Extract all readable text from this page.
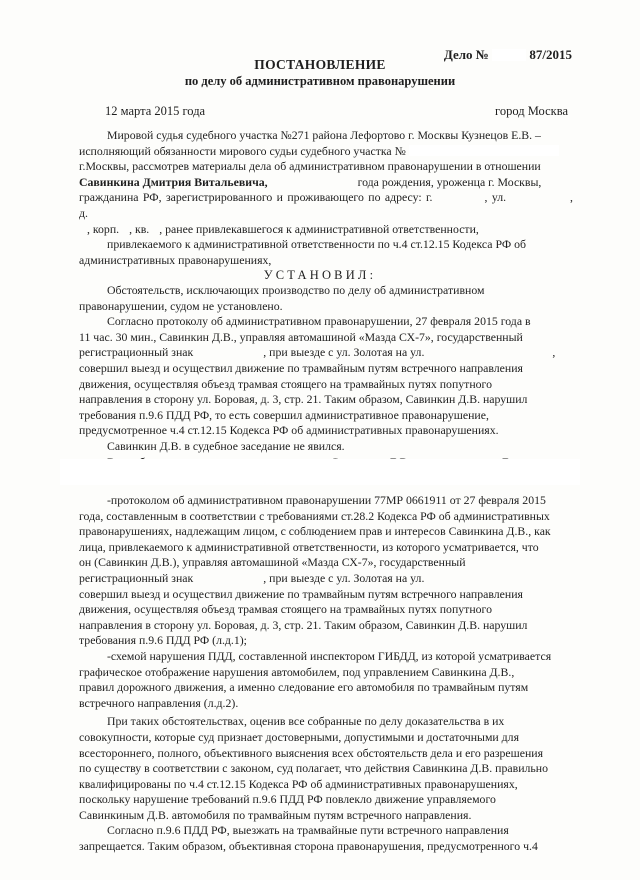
Дело №	87/2015
ПОСТАНОВЛЕНИЕ
по делу об административном правонарушении
12 марта 2015 года	город Москва

Мировой судья судебного участка №271 района Лефортово г. Москвы Кузнецов Е.В. –

исполняющий обязанности мирового судьи судебного участка №

г.Москвы, рассмотрев материалы дела об административном правонарушении в отношении

Савинкина Дмитрия Витальевича,	года рождения, уроженца г. Москвы,

гражданина РФ, зарегистрированного и проживающего по адресу: г.	, ул.	, д.

, корп. , кв. , ранее привлекавшегося к административной ответственности,

привлекаемого к административной ответственности по ч.4 ст.12.15 Кодекса РФ об

административных правонарушениях,

УСТАНОВИЛ:

Обстоятельств, исключающих производство по делу об административном

правонарушении, судом не установлено.

Согласно протоколу об административном правонарушении, 27 февраля 2015 года в

11 час. 30 мин., Савинкин Д.В., управляя автомашиной «Мазда СХ-7», государственный

регистрационный знак	, при выезде с ул. Золотая на ул.	,

совершил выезд и осуществил движение по трамвайным путям встречного направления

движения, осуществляя объезд трамвая стоящего на трамвайных путях попутного

направления в сторону ул. Боровая, д. 3, стр. 21. Таким образом, Савинкин Д.В. нарушил

требования п.9.6 ПДД РФ, то есть совершил административное правонарушение,

предусмотренное ч.4 ст.12.15 Кодекса РФ об административных правонарушениях.

Савинкин Д.В. в судебное заседание не явился.

-протоколом об административном правонарушении 77МР 0661911 от 27 февраля 2015

года, составленным в соответствии с требованиями ст.28.2 Кодекса РФ об административных

правонарушениях, надлежащим лицом, с соблюдением прав и интересов Савинкина Д.В., как

лица, привлекаемого к административной ответственности, из которого усматривается, что

он (Савинкин Д.В.), управляя автомашиной «Мазда СХ-7», государственный

регистрационный знак	, при выезде с ул. Золотая на ул.

совершил выезд и осуществил движение по трамвайным путям встречного направления

движения, осуществляя объезд трамвая стоящего на трамвайных путях попутного

направления в сторону ул. Боровая, д. 3, стр. 21. Таким образом, Савинкин Д.В. нарушил

требования п.9.6 ПДД РФ (л.д.1);

-схемой нарушения ПДД, составленной инспектором ГИБДД, из которой усматривается

графическое отображение нарушения автомобилем, под управлением Савинкина Д.В.,

правил дорожного движения, а именно следование его автомобиля по трамвайным путям

встречного направления (л.д.2).

При таких обстоятельствах, оценив все собранные по делу доказательства в их

совокупности, которые суд признает достоверными, допустимыми и достаточными для

всестороннего, полного, объективного выяснения всех обстоятельств дела и его разрешения

по существу в соответствии с законом, суд полагает, что действия Савинкина Д.В. правильно

квалифицированы по ч.4 ст.12.15 Кодекса РФ об административных правонарушениях,

поскольку нарушение требований п.9.6 ПДД РФ повлекло движение управляемого

Савинкиным Д.В. автомобиля по трамвайным путям встречного направления.

Согласно п.9.6 ПДД РФ, выезжать на трамвайные пути встречного направления

запрещается. Таким образом, объективная сторона правонарушения, предусмотренного ч.4
